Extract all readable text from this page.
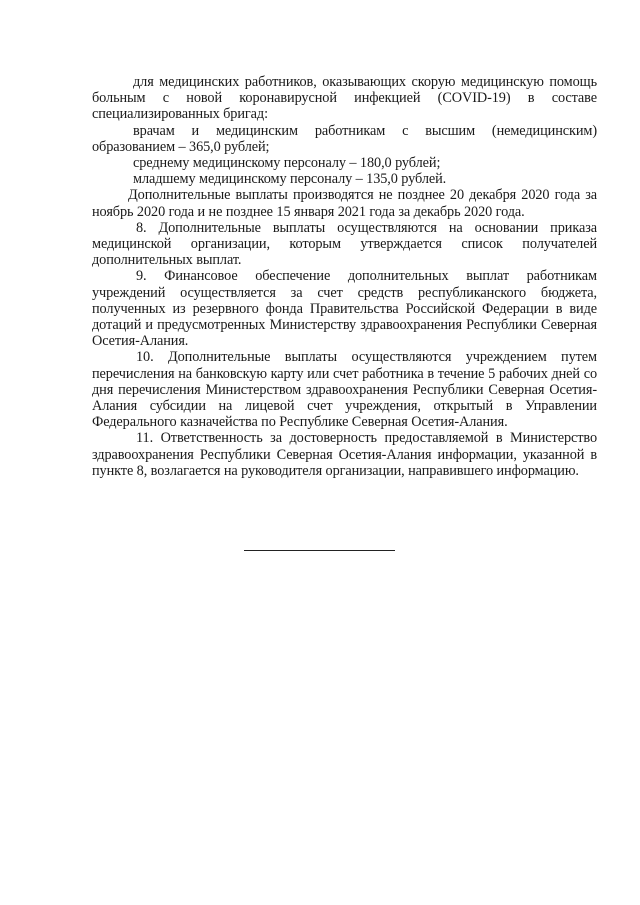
для медицинских работников, оказывающих скорую медицинскую помощь больным с новой коронавирусной инфекцией (COVID-19) в составе специализированных бригад:

врачам и медицинским работникам с высшим (немедицинским) образованием – 365,0 рублей;

среднему медицинскому персоналу – 180,0 рублей;

младшему медицинскому персоналу – 135,0 рублей.

Дополнительные выплаты производятся не позднее 20 декабря 2020 года за ноябрь 2020 года и не позднее 15 января 2021 года за декабрь 2020 года.

8. Дополнительные выплаты осуществляются на основании приказа медицинской организации, которым утверждается список получателей дополнительных выплат.

9. Финансовое обеспечение дополнительных выплат работникам учреждений осуществляется за счет средств республиканского бюджета, полученных из резервного фонда Правительства Российской Федерации в виде дотаций и предусмотренных Министерству здравоохранения Республики Северная Осетия-Алания.

10. Дополнительные выплаты осуществляются учреждением путем перечисления на банковскую карту или счет работника в течение 5 рабочих дней со дня перечисления Министерством здравоохранения Республики Северная Осетия-Алания субсидии на лицевой счет учреждения, открытый в Управлении Федерального казначейства по Республике Северная Осетия-Алания.

11. Ответственность за достоверность предоставляемой в Министерство здравоохранения Республики Северная Осетия-Алания информации, указанной в пункте 8, возлагается на руководителя организации, направившего информацию.
